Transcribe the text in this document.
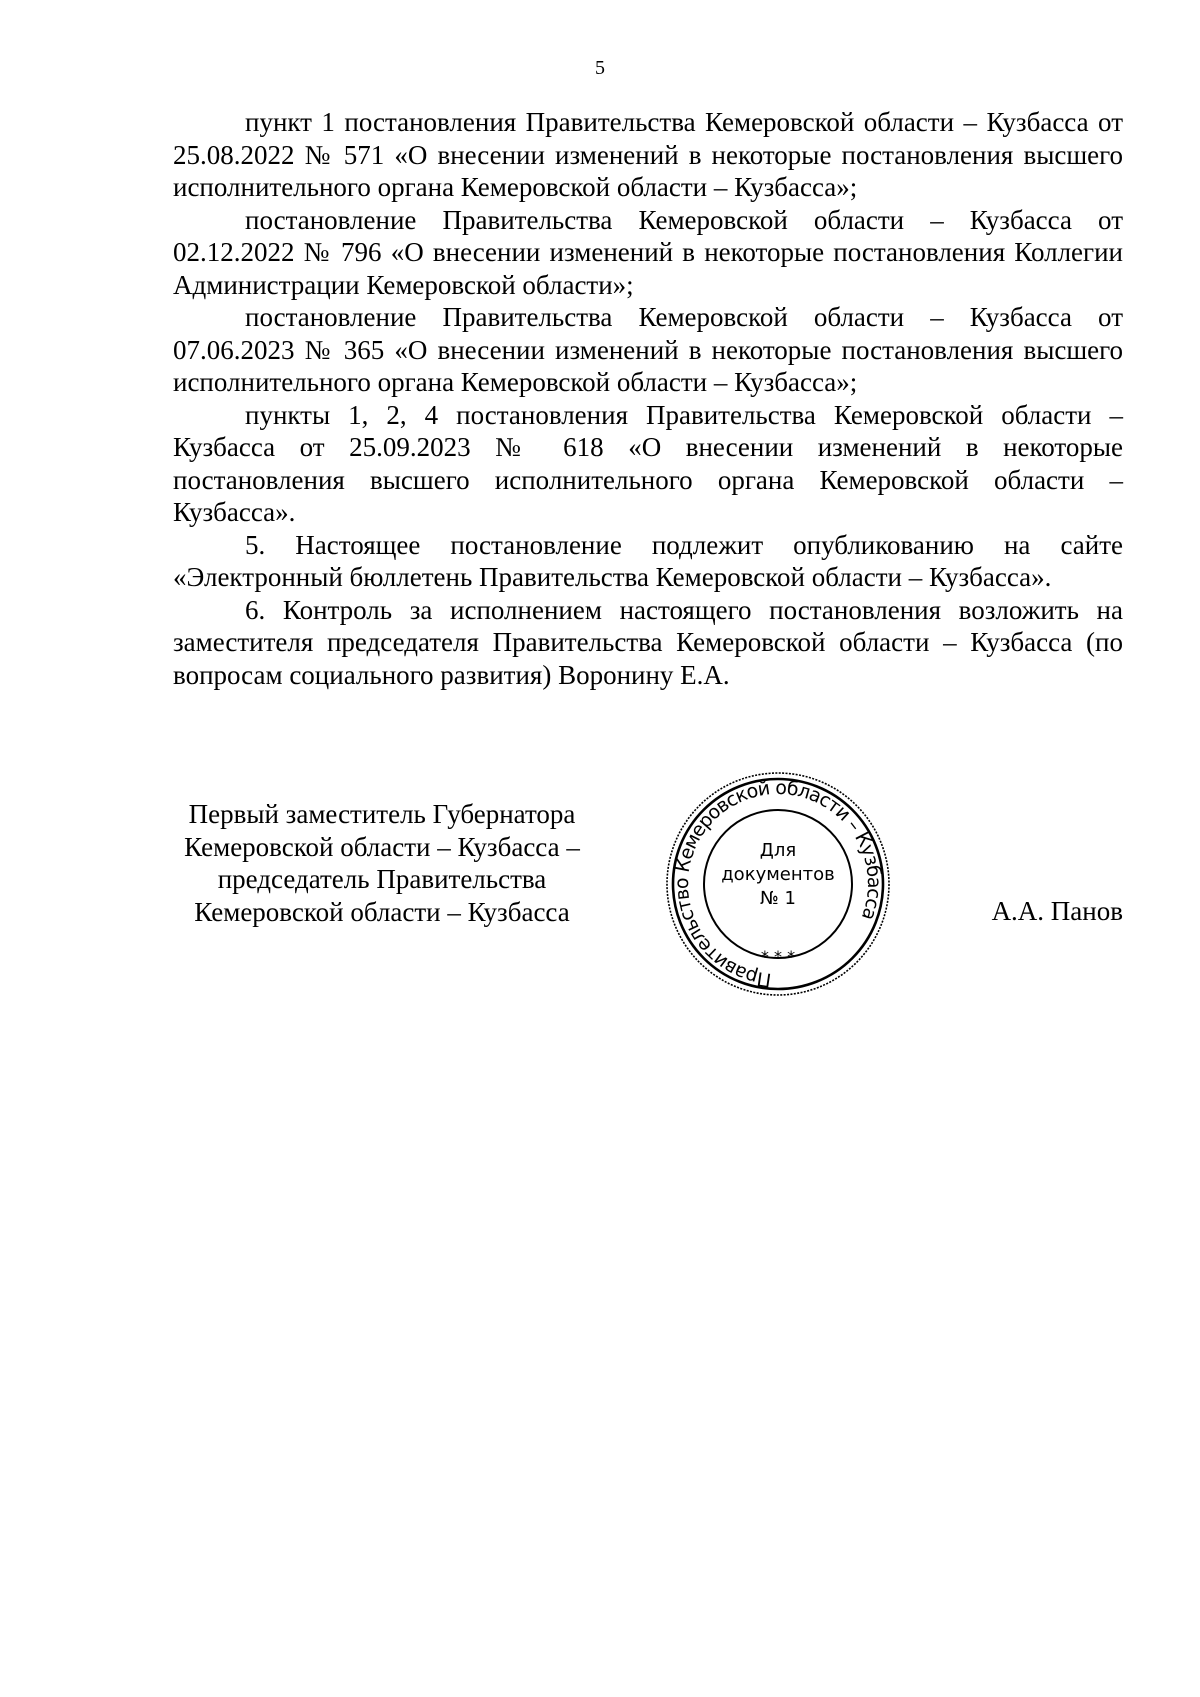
5

пункт 1 постановления Правительства Кемеровской области – Кузбасса от 25.08.2022 № 571 «О внесении изменений в некоторые постановления высшего исполнительного органа Кемеровской области – Кузбасса»;

постановление Правительства Кемеровской области – Кузбасса от 02.12.2022 № 796 «О внесении изменений в некоторые постановления Коллегии Администрации Кемеровской области»;

постановление Правительства Кемеровской области – Кузбасса от 07.06.2023 № 365 «О внесении изменений в некоторые постановления высшего исполнительного органа Кемеровской области – Кузбасса»;

пункты 1, 2, 4 постановления Правительства Кемеровской области – Кузбасса от 25.09.2023 № 618 «О внесении изменений в некоторые постановления высшего исполнительного органа Кемеровской области – Кузбасса».

5. Настоящее постановление подлежит опубликованию на сайте «Электронный бюллетень Правительства Кемеровской области – Кузбасса».

6. Контроль за исполнением настоящего постановления возложить на заместителя председателя Правительства Кемеровской области – Кузбасса (по вопросам социального развития) Воронину Е.А.

Первый заместитель Губернатора
Кемеровской области – Кузбасса –
председатель Правительства
Кемеровской области – Кузбасса
Правительство Кемеровской области – Кузбасса
Для
документов
№ 1
* * *
А.А. Панов
